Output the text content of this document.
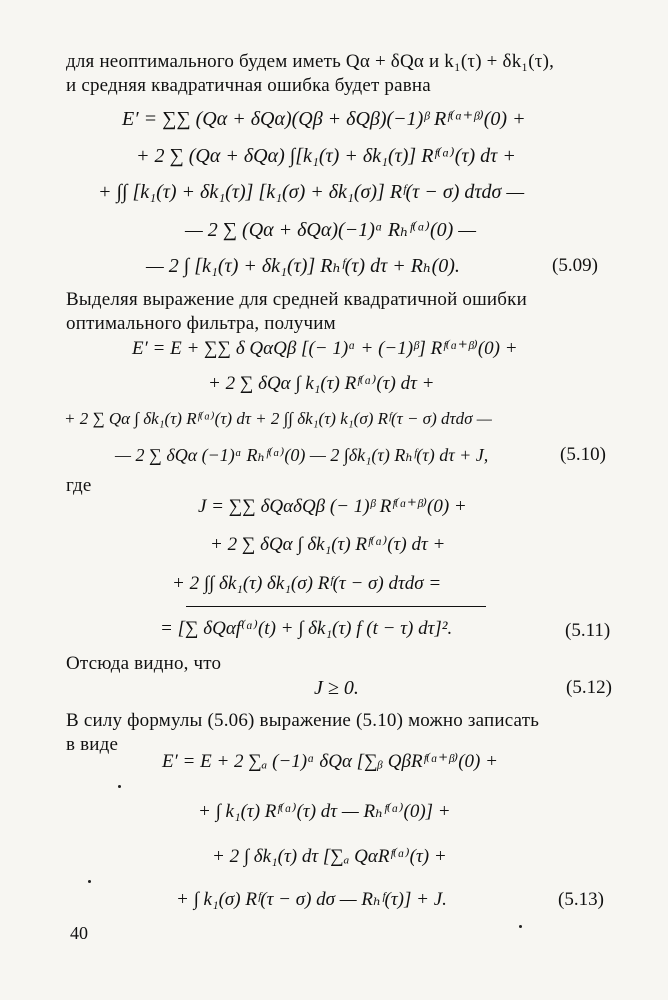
для неоптимального будем иметь Qα + δQα и k₁(τ) + δk₁(τ),
и средняя квадратичная ошибка будет равна
E′ = ∑∑ (Qα + δQα)(Qβ + δQβ)(−1)ᵝ Rᶠ⁽ᵅ⁺ᵝ⁾(0) +
+ 2 ∑ (Qα + δQα) ∫[k₁(τ) + δk₁(τ)] Rᶠ⁽ᵅ⁾(τ) dτ +
+ ∫∫ [k₁(τ) + δk₁(τ)] [k₁(σ) + δk₁(σ)] Rᶠ(τ − σ) dτdσ —
— 2 ∑ (Qα + δQα)(−1)ᵅ Rₕᶠ⁽ᵅ⁾(0) —
— 2 ∫ [k₁(τ) + δk₁(τ)] Rₕᶠ(τ) dτ + Rₕ(0).	(5.09)
Выделяя выражение для средней квадратичной ошибки
оптимального фильтра, получим
E′ = E + ∑∑ δ QαQβ [(− 1)ᵅ + (−1)ᵝ] Rᶠ⁽ᵅ⁺ᵝ⁾(0) +
+ 2 ∑ δQα ∫ k₁(τ) Rᶠ⁽ᵅ⁾(τ) dτ +
+ 2 ∑ Qα ∫ δk₁(τ) Rᶠ⁽ᵅ⁾(τ) dτ + 2 ∫∫ δk₁(τ) k₁(σ) Rᶠ(τ − σ) dτdσ —
— 2 ∑ δQα (−1)ᵅ Rₕᶠ⁽ᵅ⁾(0) — 2 ∫δk₁(τ) Rₕᶠ(τ) dτ + J,	(5.10)
где
J = ∑∑ δQαδQβ (− 1)ᵝ Rᶠ⁽ᵅ⁺ᵝ⁾(0) +
+ 2 ∑ δQα ∫ δk₁(τ) Rᶠ⁽ᵅ⁾(τ) dτ +
+ 2 ∫∫ δk₁(τ) δk₁(σ) Rᶠ(τ − σ) dτdσ =
= [∑ δQαf⁽ᵅ⁾(t) + ∫ δk₁(τ) f (t − τ) dτ]².	(5.11)
Отсюда видно, что
J ≥ 0.	(5.12)
В силу формулы (5.06) выражение (5.10) можно записать
в виде
E′ = E + 2 ∑ₐ (−1)ᵅ δQα [∑ᵦ QβRᶠ⁽ᵅ⁺ᵝ⁾(0) +
+ ∫ k₁(τ) Rᶠ⁽ᵅ⁾(τ) dτ — Rₕᶠ⁽ᵅ⁾(0)] +
+ 2 ∫ δk₁(τ) dτ [∑ₐ QαRᶠ⁽ᵅ⁾(τ) +
+ ∫ k₁(σ) Rᶠ(τ − σ) dσ — Rₕᶠ(τ)] + J.	(5.13)
40
